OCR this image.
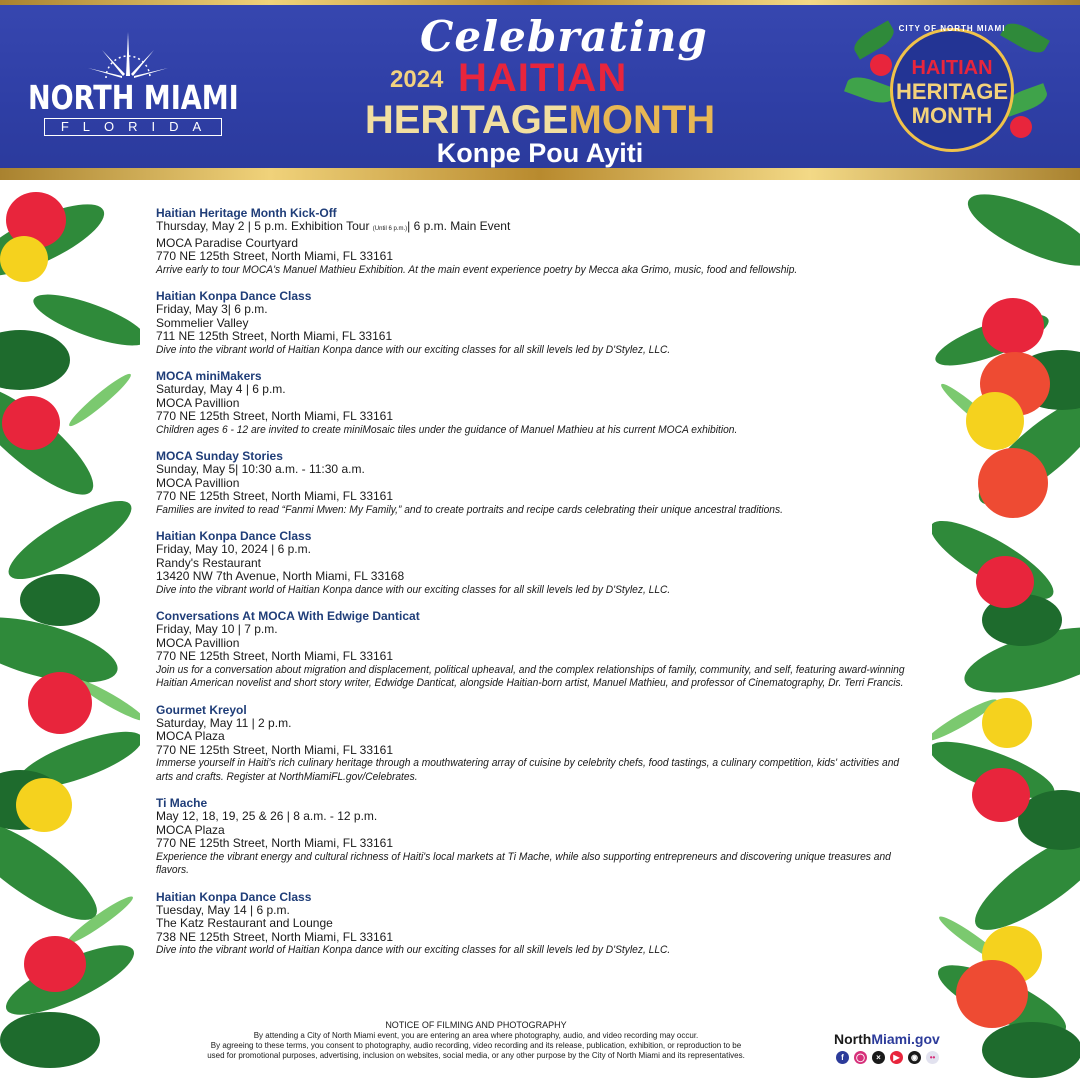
NORTH MIAMI
FLORIDA
Celebrating
2024 HAITIAN
HERITAGEMONTH
Konpe Pou Ayiti
CITY OF NORTH MIAMI
HAITIAN
HERITAGE
MONTH
Haitian Heritage Month Kick-Off
Thursday, May 2 | 5 p.m. Exhibition Tour (Until 6 p.m.)| 6 p.m. Main Event
MOCA Paradise Courtyard
770 NE 125th Street, North Miami, FL 33161
Arrive early to tour MOCA's Manuel Mathieu Exhibition. At the main event experience poetry by Mecca aka Grimo, music, food and fellowship.
Haitian Konpa Dance Class
Friday, May 3| 6 p.m.
Sommelier Valley
711 NE 125th Street, North Miami, FL 33161
Dive into the vibrant world of Haitian Konpa dance with our exciting classes for all skill levels led by D'Stylez, LLC.
MOCA miniMakers
Saturday, May 4 | 6 p.m.
MOCA Pavillion
770 NE 125th Street, North Miami, FL 33161
Children ages 6 - 12 are invited to create miniMosaic tiles under the guidance of Manuel Mathieu at his current MOCA exhibition.
MOCA Sunday Stories
Sunday, May 5| 10:30 a.m. - 11:30 a.m.
MOCA Pavillion
770 NE 125th Street, North Miami, FL 33161
Families are invited to read “Fanmi Mwen: My Family,” and to create portraits and recipe cards celebrating their unique ancestral traditions.
Haitian Konpa Dance Class
Friday, May 10, 2024 | 6 p.m.
Randy's Restaurant
13420 NW 7th Avenue, North Miami, FL 33168
Dive into the vibrant world of Haitian Konpa dance with our exciting classes for all skill levels led by D'Stylez, LLC.
Conversations At MOCA With Edwige Danticat
Friday, May 10 | 7 p.m.
MOCA Pavillion
770 NE 125th Street, North Miami, FL 33161
Join us for a conversation about migration and displacement, political upheaval, and the complex relationships of family, community, and self, featuring award-winning Haitian American novelist and short story writer, Edwidge Danticat, alongside Haitian-born artist, Manuel Mathieu, and professor of Cinematography, Dr. Terri Francis.
Gourmet Kreyol
Saturday, May 11 | 2 p.m.
MOCA Plaza
770 NE 125th Street, North Miami, FL 33161
Immerse yourself in Haiti's rich culinary heritage through a mouthwatering array of cuisine by celebrity chefs, food tastings, a culinary competition, kids' activities and arts and crafts. Register at NorthMiamiFL.gov/Celebrates.
Ti Mache
May 12, 18, 19, 25 & 26 | 8 a.m. - 12 p.m.
MOCA Plaza
770 NE 125th Street, North Miami, FL 33161
Experience the vibrant energy and cultural richness of Haiti's local markets at Ti Mache, while also supporting entrepreneurs and discovering unique treasures and flavors.
Haitian Konpa Dance Class
Tuesday, May 14 | 6 p.m.
The Katz Restaurant and Lounge
738 NE 125th Street, North Miami, FL 33161
Dive into the vibrant world of Haitian Konpa dance with our exciting classes for all skill levels led by D'Stylez, LLC.
NOTICE OF FILMING AND PHOTOGRAPHY
By attending a City of North Miami event, you are entering an area where photography, audio, and video recording may occur.
By agreeing to these terms, you consent to photography, audio recording, video recording and its release, publication, exhibition, or reproduction to be
used for promotional purposes, advertising, inclusion on websites, social media, or any other purpose by the City of North Miami and its representatives.
NorthMiami.gov
f	◯	×	▶	◉	••
